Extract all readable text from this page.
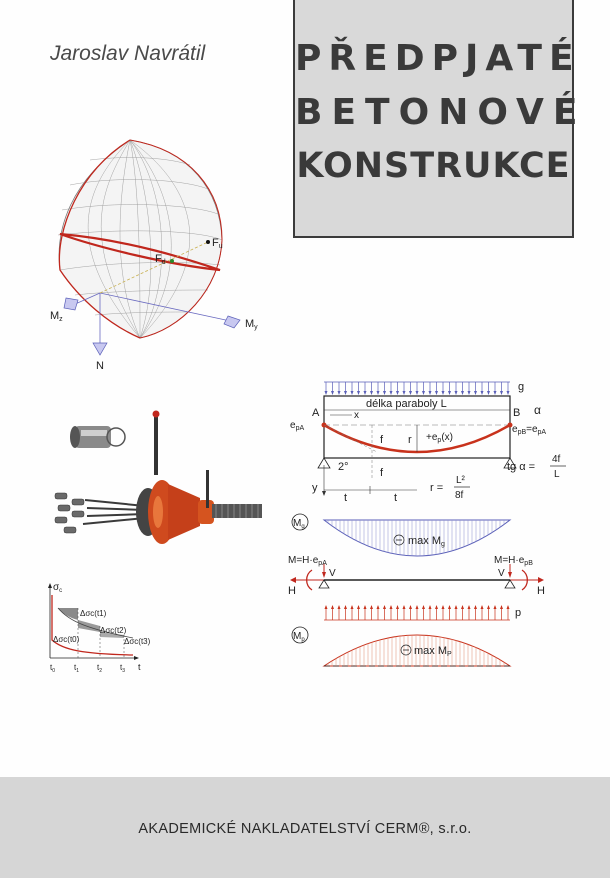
Jaroslav Navrátil PŘEDPJATÉ
BETONOVÉ
KONSTRUKCE
Fu
Fd
Mz	My
N
$\sigma_c$
Δσc(t1)
Δσc(t2)
Δσc(t0)	Δσc(t3)
$t_0$ $t_1$ $t_2$ $t_3$ t
g
délka paraboly L
A	B α
$e_{pA}$	$e_{pB}=e_{pA}$
x
$+e_p(x)$
f r
2°	f
y
t	t
tg α =
4f
L
r =
L²
8f
$M_g$
max Mg
$M=H\cdot e_{pA}$	$M=H\cdot e_{pB}$
V	V
H	H
p
$M_p$
max MP
AKADEMICKÉ NAKLADATELSTVÍ CERM®, s.r.o.
